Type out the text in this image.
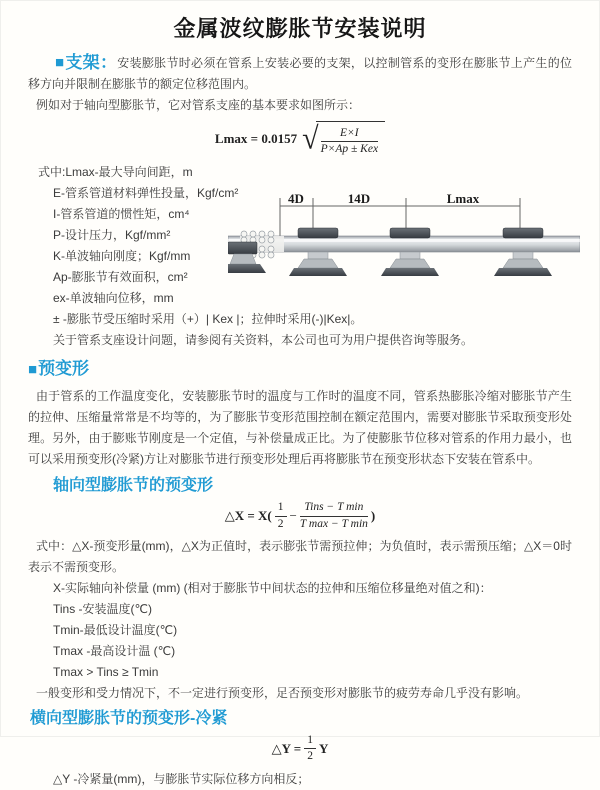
金属波纹膨胀节安装说明

■支架：安装膨胀节时必须在管系上安装必要的支架，以控制管系的变形在膨胀节上产生的位移方向并限制在膨胀节的额定位移范围内。

例如对于轴向型膨胀节，它对管系支座的基本要求如图所示：

Lmax = 0.0157 √ $\frac{E\times I}{\text{P×Ap ± Kex}}$
式中:Lmax-最大导向间距，m
E-管系管道材料弹性投量，Kgf/cm²
I-管系管道的惯性矩，cm⁴
P-设计压力，Kgf/mm²
K-单波轴向刚度；Kgf/mm
Ap-膨胀节有效面积，cm²
ex-单波轴向位移，mm
± -膨胀节受压缩时采用（+）| Kex |；拉伸时采用(-)|Kex|。
关于管系支座设计问题，请参阅有关资料，本公司也可为用户提供咨询等服务。
4D	14D	Lmax
■预变形

由于管系的工作温度变化，安装膨胀节时的温度与工作时的温度不同，管系热膨胀冷缩对膨胀节产生的拉伸、压缩量常常是不均等的，为了膨胀节变形范围控制在额定范围内，需要对膨胀节采取预变形处理。另外，由于膨账节刚度是一个定值，与补偿量成正比。为了使膨胀节位移对管系的作用力最小，也可以采用预变形(冷紧)方让对膨胀节进行预变形处理后再将膨胀节在预变形状态下安装在管系中。

轴向型膨胀节的预变形
△X = $X( \frac{1}{2} - \frac{\text{Tins − T min}}{\text{T max − T min}}$ )

式中：△X-预变形量(mm)，△X为正值时，表示膨张节需预拉伸；为负值时，表示需预压缩；△X＝0时表示不需预变形。

X-实际轴向补偿量 (mm) (相对于膨胀节中间状态的拉伸和压缩位移量绝对值之和)：
Tins -安装温度(℃)
Tmin-最低设计温度(℃)
Tmax -最高设计温 (℃)
Tmax > Tins ≥ Tmin

一般变形和受力情况下，不一定进行预变形，足否预变形对膨胀节的疲劳寿命几乎没有影响。

横向型膨胀节的预变形-冷紧
△Y = $\frac{1}{2}$ Y
△Y -冷紧量(mm)，与膨胀节实际位移方向相反；
